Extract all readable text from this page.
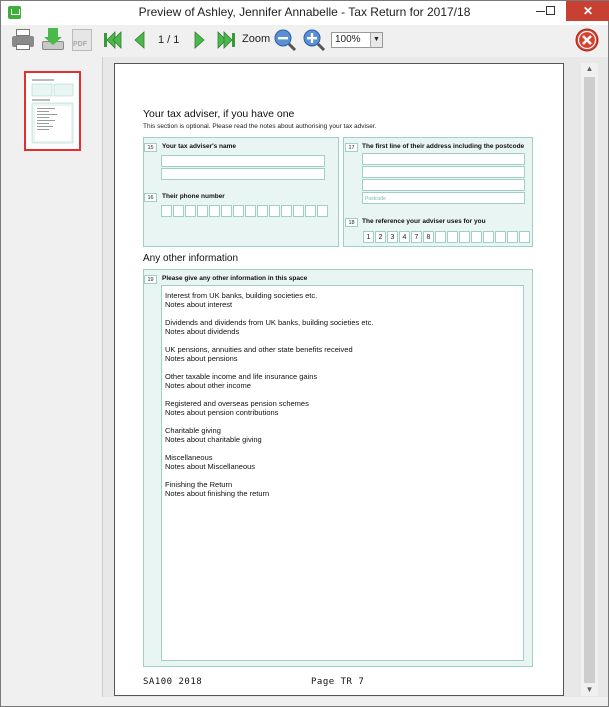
Preview of Ashley, Jennifer Annabelle - Tax Return for 2017/18	✕
PDF	1 / 1	Zoom	100%	▼
▲
▼
Your tax adviser, if you have one
This section is optional. Please read the notes about authorising your tax adviser.
15	Your tax adviser's name
16	Their phone number
17	The first line of their address including the postcode
Postcode
18	The reference your adviser uses for you
1	2	3	4	7	8
Any other information
19	Please give any other information in this space
Interest from UK banks, building societies etc.
Notes about interest
Dividends and dividends from UK banks, building societies etc.
Notes about dividends
UK pensions, annuities and other state benefits received
Notes about pensions
Other taxable income and life insurance gains
Notes about other income
Registered and overseas pension schemes
Notes about pension contributions
Charitable giving
Notes about charitable giving
Miscellaneous
Notes about Miscellaneous
Finishing the Return
Notes about finishing the return
SA100 2018	Page TR 7
